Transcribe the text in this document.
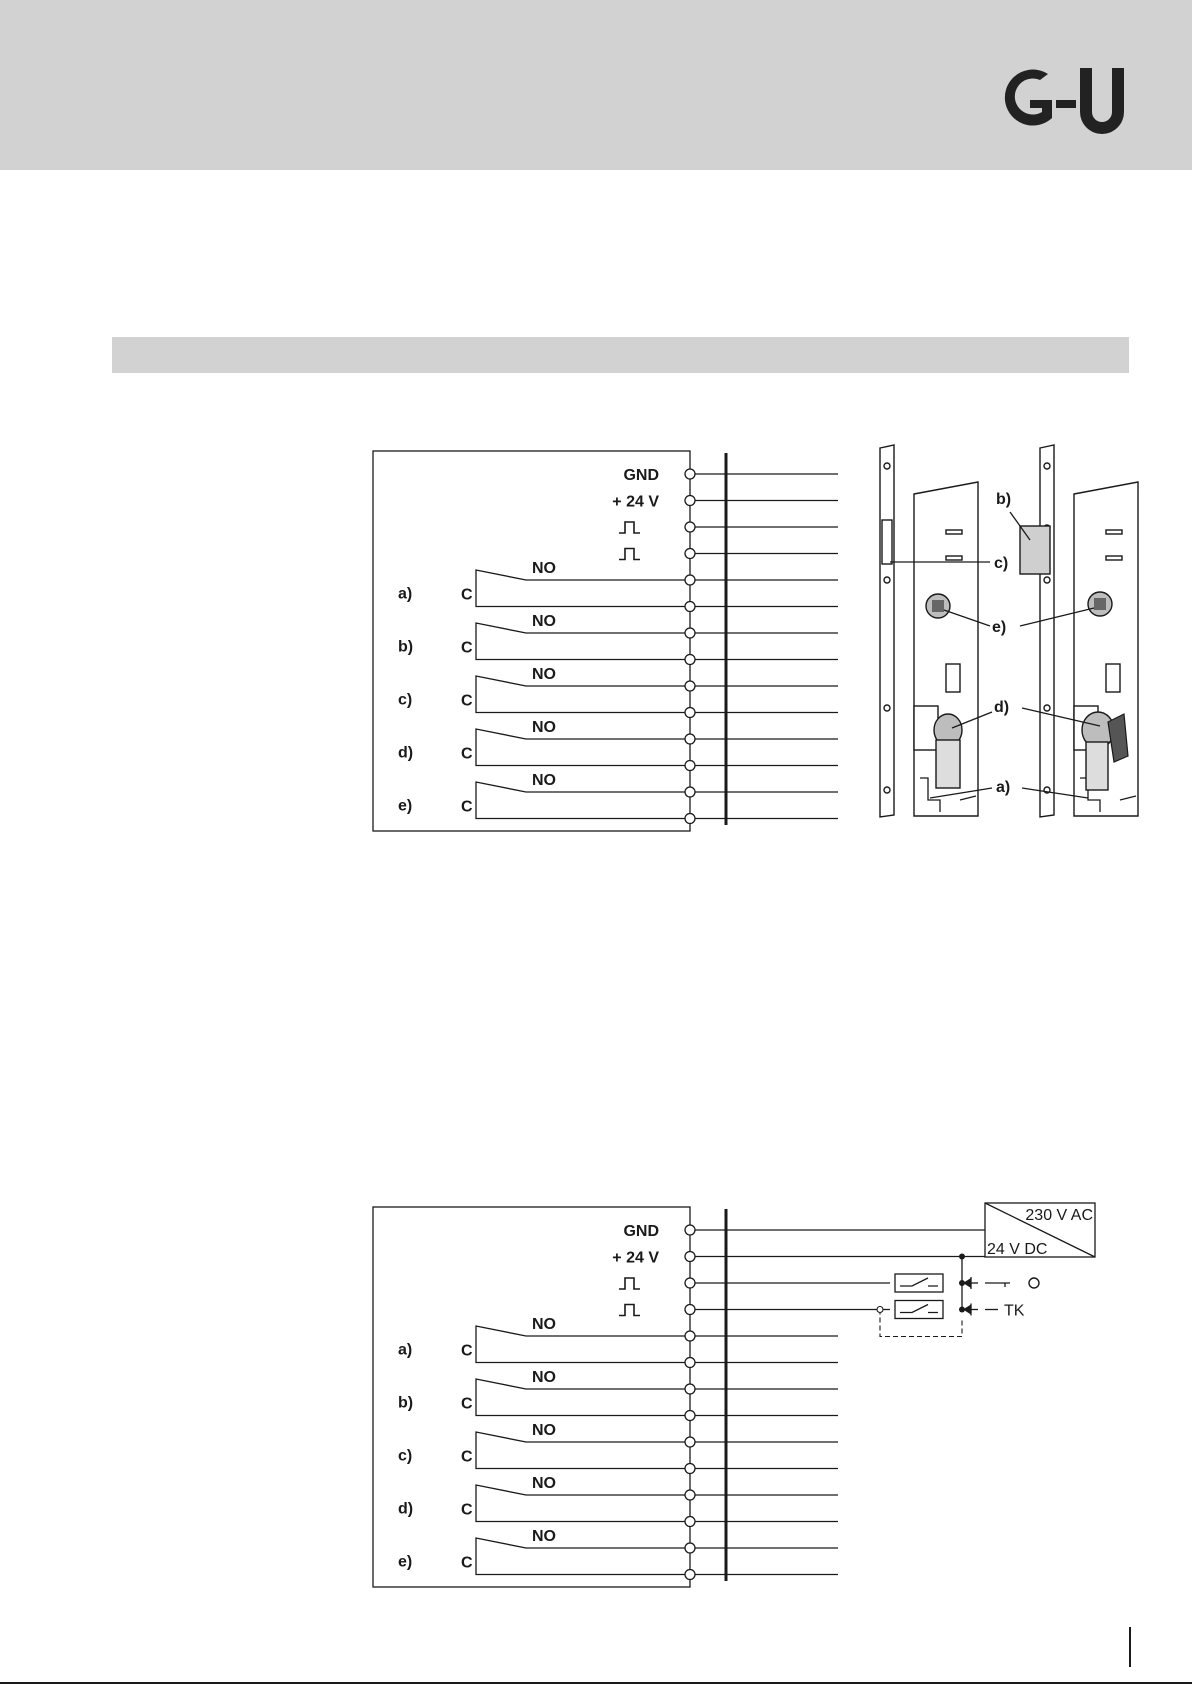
GND
+ 24 V
NO
C
a)
NO
C
b)
NO
C
c)
NO
C
d)
NO
C
e)
GND
+ 24 V
NO
C
a)
NO
C
b)
NO
C
c)
NO
C
d)
NO
C
e)
230 V AC
24 V DC
TK
b)
c)
e)
d)
a)
